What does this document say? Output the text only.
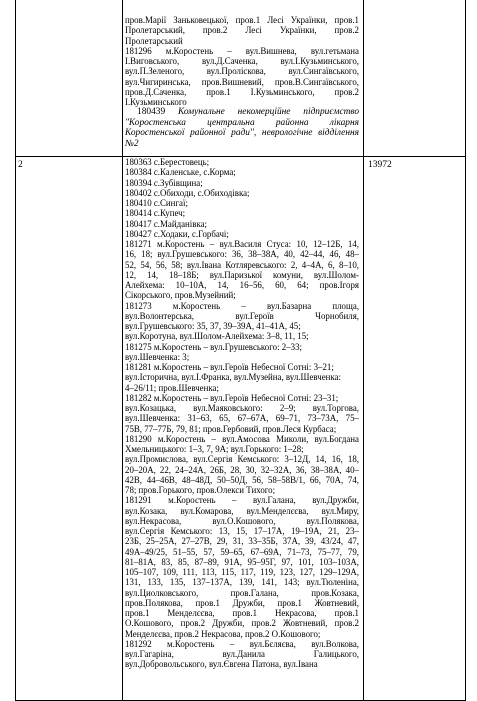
пров.Марії Заньковецької, пров.1 Лесі Українки, пров.1

Пролетарський, пров.2 Лесі Українки, пров.2

Пролетарський

181296 м.Коростень – вул.Вишнева, вул.гетьмана

І.Виговського, вул.Д.Саченка, вул.І.Кузьминського,

вул.П.Зеленого, вул.Пролiскова, вул.Сингаївського,

вул.Чигиринська, пров.Вишневий, пров.В.Сингаївського,

пров.Д.Саченка, пров.1 І.Кузьминського, пров.2

І.Кузьминського

180439 Комунальне некомерційне підприємство "Коростенська центральна районна лікарня Коростенської районної ради", неврологічне відділення №2

2	13972

180363 с.Берестовець;

180384 с.Каленське, с.Корма;

180394 с.Зубівщина;

180402 с.Обиходи, с.Обиходівка;

180410 с.Сингаї;

180414 с.Купеч;

180417 с.Майданівка;

180427 с.Ходаки, с.Горбачі;

181271 м.Коростень – вул.Василя Стуса: 10, 12–12Б, 14,

16, 18; вул.Грушевського: 36, 38–38А, 40, 42–44, 46, 48–

52, 54, 56, 58; вул.Івана Котляревського: 2, 4–4А, 6, 8–10,

12, 14, 18–18Б; вул.Паризької комуни, вул.Шолом-

Алейхема: 10–10А, 14, 16–56, 60, 64; пров.Ігоря

Сікорського, пров.Музейний;

181273 м.Коростень – вул.Базарна площа,

вул.Волонтерська, вул.Героїв Чорнобиля,

вул.Грушевського: 35, 37, 39–39А, 41–41А, 45;

вул.Коротуна, вул.Шолом-Алейхема: 3–8, 11, 15;

181275 м.Коростень – вул.Грушевського: 2–33;

вул.Шевченка: 3;

181281 м.Коростень – вул.Героїв Небесної Сотні: 3–21;

вул.Історична, вул.І.Франка, вул.Музейна, вул.Шевченка:

4–26/11; пров.Шевченка;

181282 м.Коростень – вул.Героїв Небесної Сотні: 23–31;

вул.Козацька, вул.Маяковського: 2–9; вул.Торгова,

вул.Шевченка: 31–63, 65, 67–67А, 69–71, 73–73А, 75–

75В, 77–77Б, 79, 81; пров.Гербовий, пров.Леся Курбаса;

181290 м.Коростень – вул.Амосова Миколи, вул.Богдана

Хмельницького: 1–3, 7, 9А; вул.Горького: 1–28;

вул.Промислова, вул.Сергія Кемського: 3–12Д, 14, 16, 18,

20–20А, 22, 24–24А, 26Б, 28, 30, 32–32А, 36, 38–38А, 40–

42В, 44–46В, 48–48Д, 50–50Д, 56, 58–58В/1, 66, 70А, 74,

78; пров.Горького, пров.Олекси Тихого;

181291 м.Коростень – вул.Галана, вул.Дружби,

вул.Козака, вул.Комарова, вул.Менделєєва, вул.Миру,

вул.Некрасова, вул.О.Кошового, вул.Полякова,

вул.Сергія Кемського: 13, 15, 17–17А, 19–19А, 21, 23–

23Б, 25–25А, 27–27В, 29, 31, 33–35Б, 37А, 39, 43/24, 47,

49А–49/25, 51–55, 57, 59–65, 67–69А, 71–73, 75–77, 79,

81–81А, 83, 85, 87–89, 91А, 95–95Г, 97, 101, 103–103А,

105–107, 109, 111, 113, 115, 117, 119, 123, 127, 129–129А,

131, 133, 135, 137–137А, 139, 141, 143; вул.Тюленіна,

вул.Циолковського, пров.Галана, пров.Козака,

пров.Полякова, пров.1 Дружби, пров.1 Жовтневий,

пров.1 Менделєєва, пров.1 Некрасова, пров.1

О.Кошового, пров.2 Дружби, пров.2 Жовтневий, пров.2

Менделєєва, пров.2 Некрасова, пров.2 О.Кошового;

181292 м.Коростень – вул.Бєляєва, вул.Волкова,

вул.Гагаріна, вул.Данила Галицького,

вул.Добровольського, вул.Євгена Патона, вул.Івана
